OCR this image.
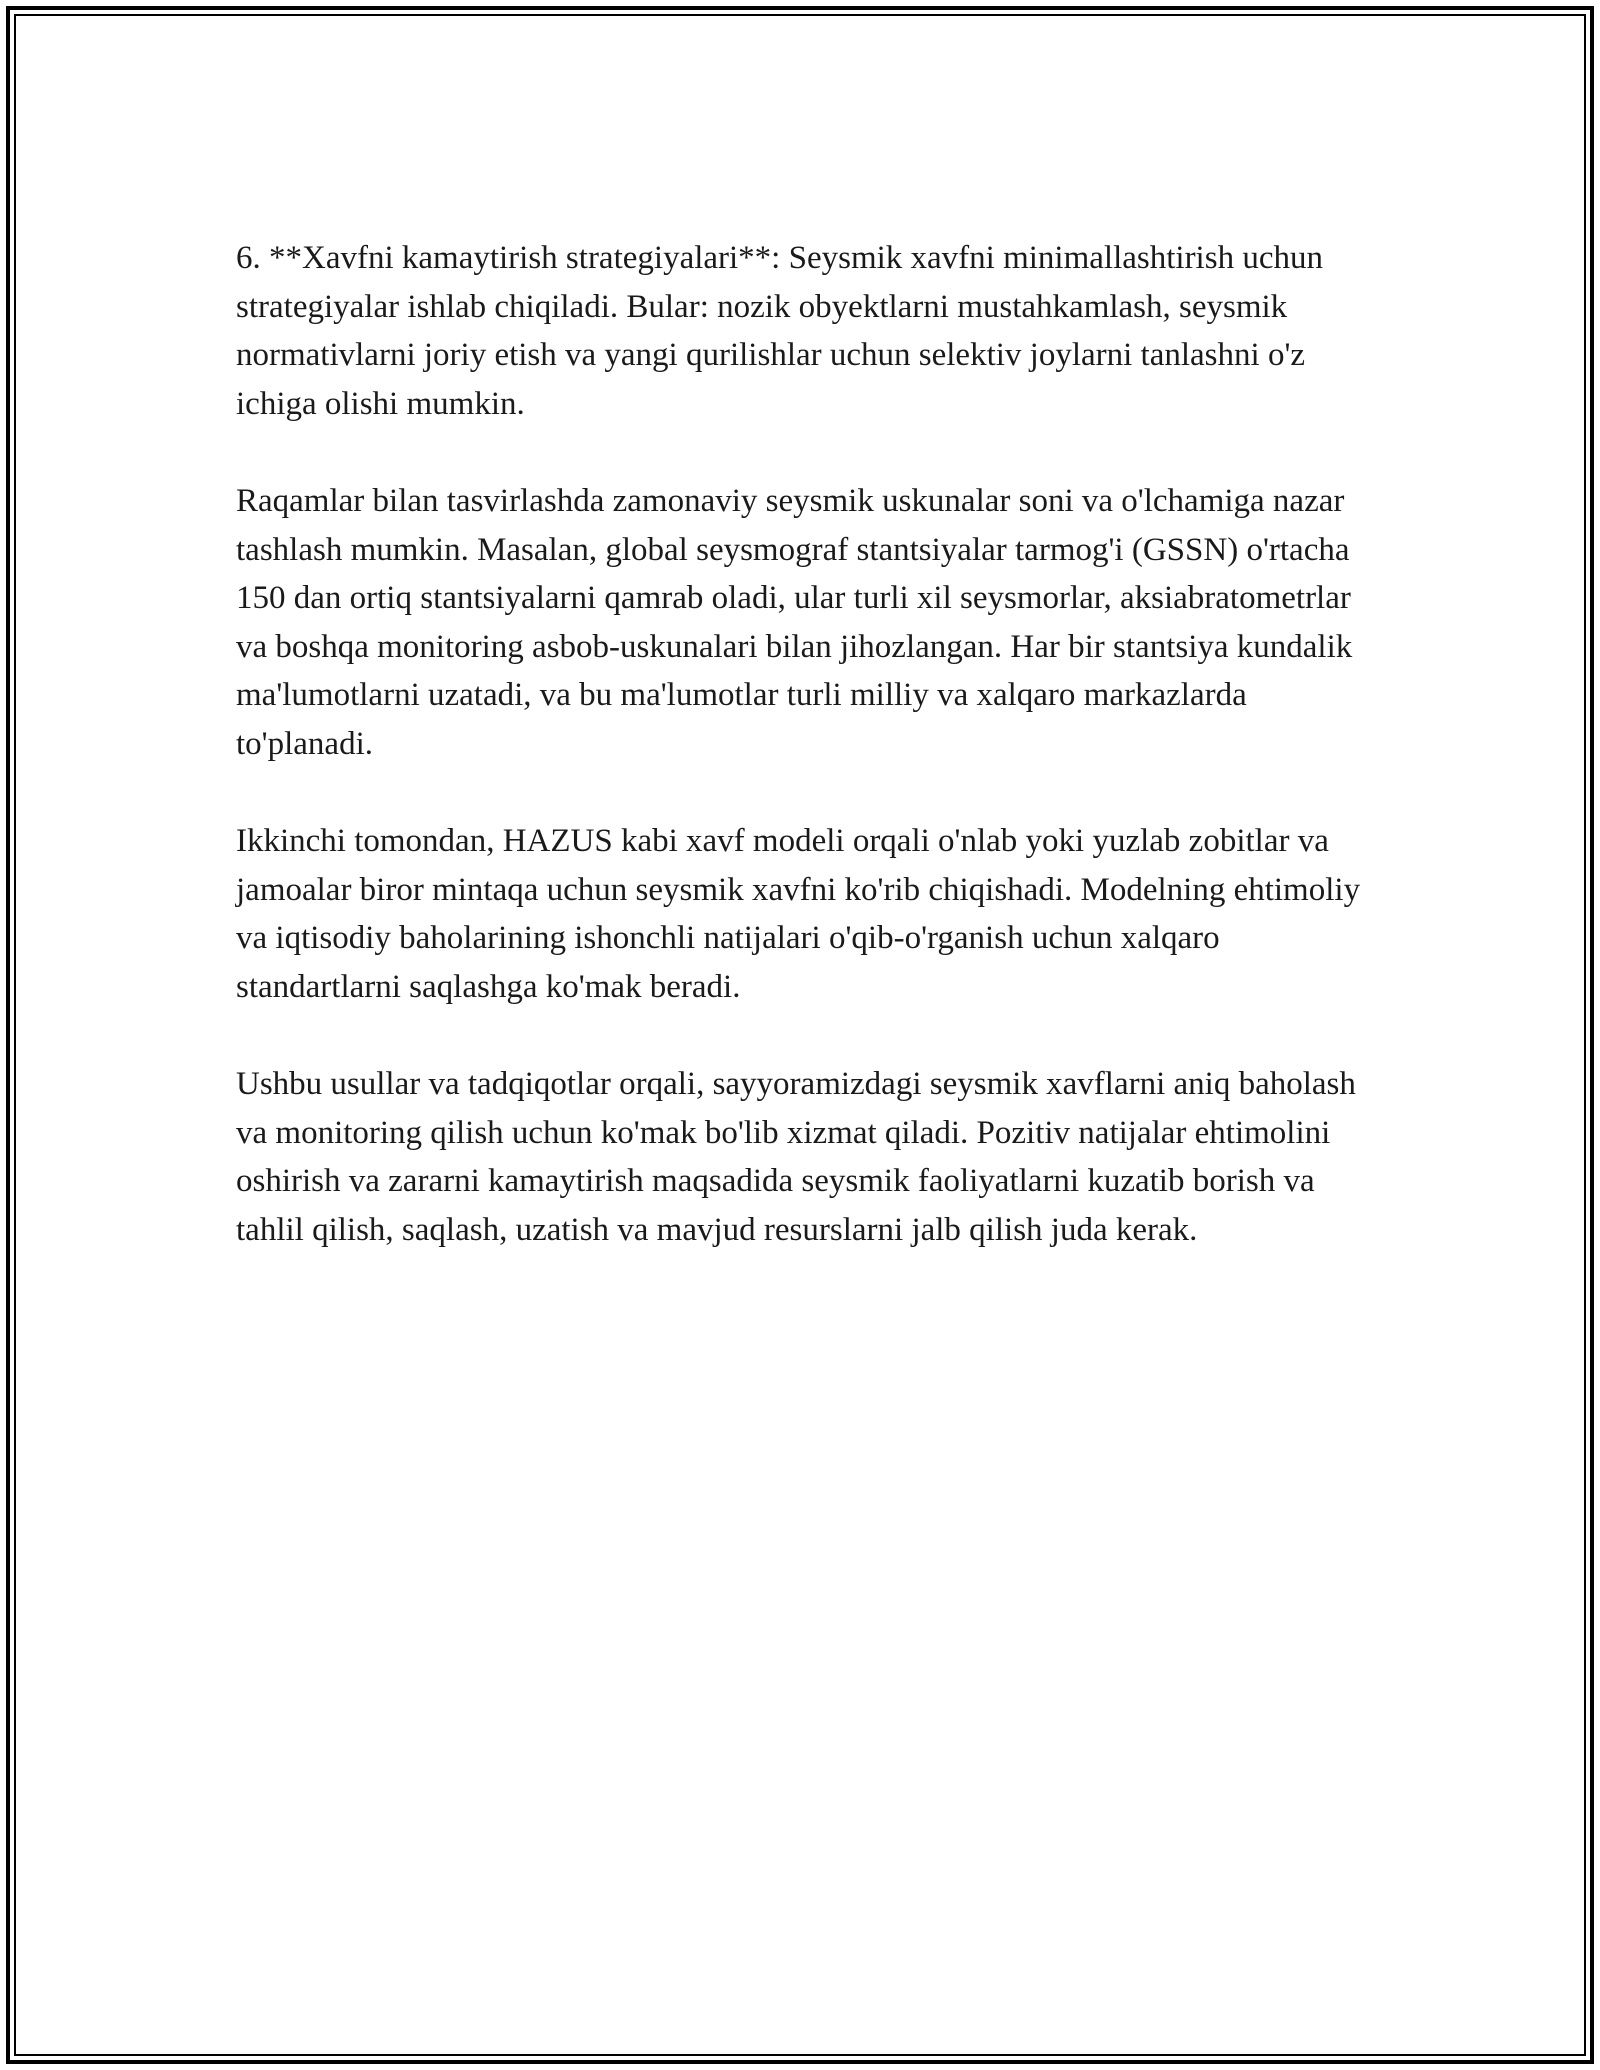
6. **Xavfni kamaytirish strategiyalari**: Seysmik xavfni minimallashtirish uchun strategiyalar ishlab chiqiladi. Bular: nozik obyektlarni mustahkamlash, seysmik normativlarni joriy etish va yangi qurilishlar uchun selektiv joylarni tanlashni o'z ichiga olishi mumkin.

Raqamlar bilan tasvirlashda zamonaviy seysmik uskunalar soni va o'lchamiga nazar tashlash mumkin. Masalan, global seysmograf stantsiyalar tarmog'i (GSSN) o'rtacha 150 dan ortiq stantsiyalarni qamrab oladi, ular turli xil seysmorlar, aksiabratometrlar va boshqa monitoring asbob-uskunalari bilan jihozlangan. Har bir stantsiya kundalik ma'lumotlarni uzatadi, va bu ma'lumotlar turli milliy va xalqaro markazlarda to'planadi.

Ikkinchi tomondan, HAZUS kabi xavf modeli orqali o'nlab yoki yuzlab zobitlar va jamoalar biror mintaqa uchun seysmik xavfni ko'rib chiqishadi. Modelning ehtimoliy va iqtisodiy baholarining ishonchli natijalari o'qib-o'rganish uchun xalqaro standartlarni saqlashga ko'mak beradi.

Ushbu usullar va tadqiqotlar orqali, sayyoramizdagi seysmik xavflarni aniq baholash va monitoring qilish uchun ko'mak bo'lib xizmat qiladi. Pozitiv natijalar ehtimolini oshirish va zararni kamaytirish maqsadida seysmik faoliyatlarni kuzatib borish va tahlil qilish, saqlash, uzatish va mavjud resurslarni jalb qilish juda kerak.
